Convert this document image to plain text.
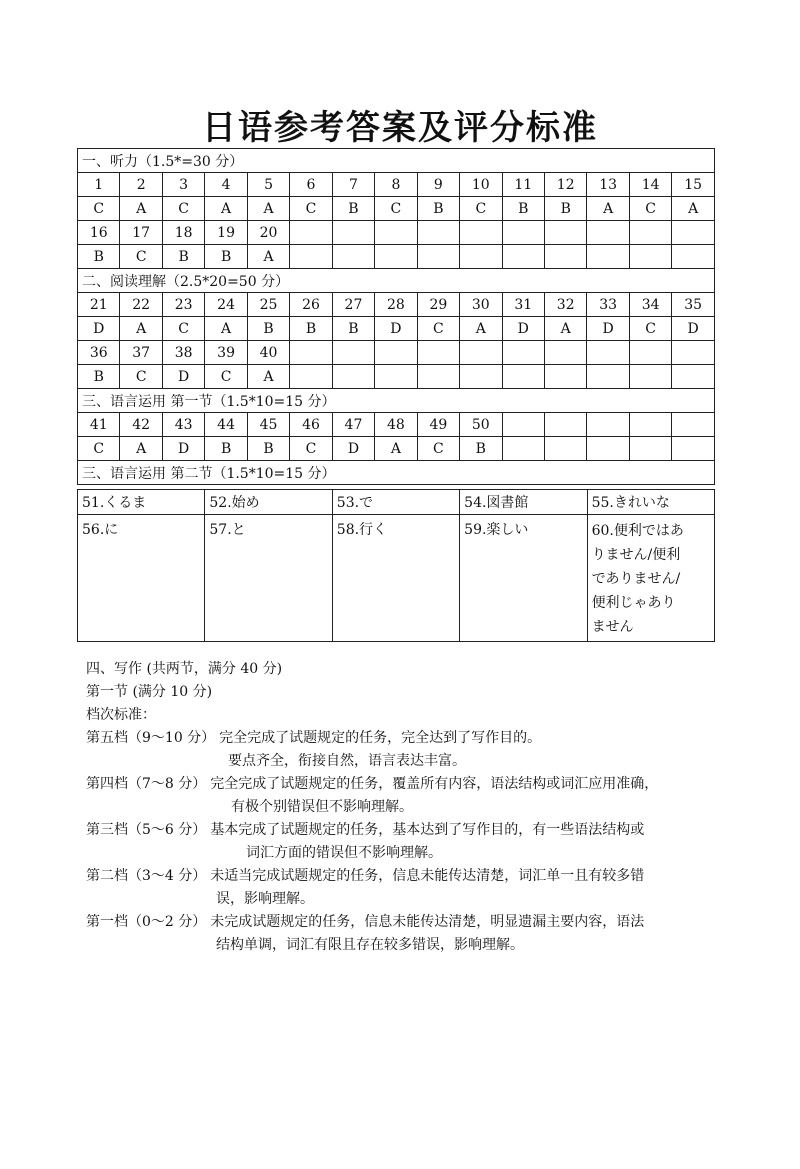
日语参考答案及评分标准
一、听力（1.5*=30 分）														
1	2	3	4	5	6	7	8	9	10	11	12	13	14	15
C	A	C	A	A	C	B	C	B	C	B	B	A	C	A
16	17	18	19	20										
B	C	B	B	A										
二、阅读理解（2.5*20=50 分）														
21	22	23	24	25	26	27	28	29	30	31	32	33	34	35
D	A	C	A	B	B	B	D	C	A	D	A	D	C	D
36	37	38	39	40										
B	C	D	C	A										
三、语言运用 第一节（1.5*10=15 分）														
41	42	43	44	45	46	47	48	49	50					
C	A	D	B	B	C	D	A	C	B					
三、语言运用 第二节（1.5*10=15 分）														
51.くるま	52.始め	53.で	54.図書館	55.きれいな
56.に	57.と	58.行く	59.楽しい	60.便利ではあ
りません/便利
でありません/
便利じゃあり
ません
四、写作 (共两节，满分 40 分)
第一节 (满分 10 分)
档次标准：
第五档（9～10 分） 完全完成了试题规定的任务，完全达到了写作目的。
要点齐全，衔接自然，语言表达丰富。
第四档（7～8 分） 完全完成了试题规定的任务，覆盖所有内容，语法结构或词汇应用准确，
有极个别错误但不影响理解。
第三档（5～6 分） 基本完成了试题规定的任务，基本达到了写作目的，有一些语法结构或
词汇方面的错误但不影响理解。
第二档（3～4 分） 未适当完成试题规定的任务，信息未能传达清楚，词汇单一且有较多错
误，影响理解。
第一档（0～2 分） 未完成试题规定的任务，信息未能传达清楚，明显遗漏主要内容，语法
结构单调，词汇有限且存在较多错误，影响理解。
